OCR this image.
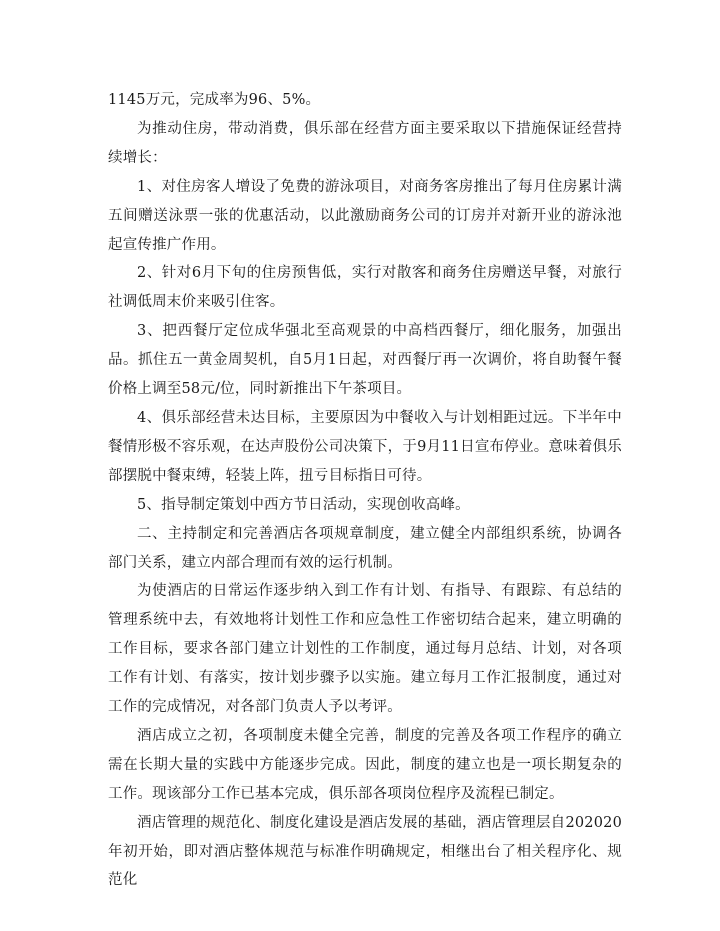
1145万元，完成率为96、5%。

为推动住房，带动消费，俱乐部在经营方面主要采取以下措施保证经营持续增长：

1、对住房客人增设了免费的游泳项目，对商务客房推出了每月住房累计满五间赠送泳票一张的优惠活动，以此激励商务公司的订房并对新开业的游泳池起宣传推广作用。

2、针对6月下旬的住房预售低，实行对散客和商务住房赠送早餐，对旅行社调低周末价来吸引住客。

3、把西餐厅定位成华强北至高观景的中高档西餐厅，细化服务，加强出品。抓住五一黄金周契机，自5月1日起，对西餐厅再一次调价，将自助餐午餐价格上调至58元/位，同时新推出下午茶项目。

4、俱乐部经营未达目标，主要原因为中餐收入与计划相距过远。下半年中餐情形极不容乐观，在达声股份公司决策下，于9月11日宣布停业。意味着俱乐部摆脱中餐束缚，轻装上阵，扭亏目标指日可待。

5、指导制定策划中西方节日活动，实现创收高峰。

二、主持制定和完善酒店各项规章制度，建立健全内部组织系统，协调各部门关系，建立内部合理而有效的运行机制。

为使酒店的日常运作逐步纳入到工作有计划、有指导、有跟踪、有总结的管理系统中去，有效地将计划性工作和应急性工作密切结合起来，建立明确的工作目标，要求各部门建立计划性的工作制度，通过每月总结、计划，对各项工作有计划、有落实，按计划步骤予以实施。建立每月工作汇报制度，通过对工作的完成情况，对各部门负责人予以考评。

酒店成立之初，各项制度未健全完善，制度的完善及各项工作程序的确立需在长期大量的实践中方能逐步完成。因此，制度的建立也是一项长期复杂的工作。现该部分工作已基本完成，俱乐部各项岗位程序及流程已制定。

酒店管理的规范化、制度化建设是酒店发展的基础，酒店管理层自202020年初开始，即对酒店整体规范与标准作明确规定，相继出台了相关程序化、规范化
